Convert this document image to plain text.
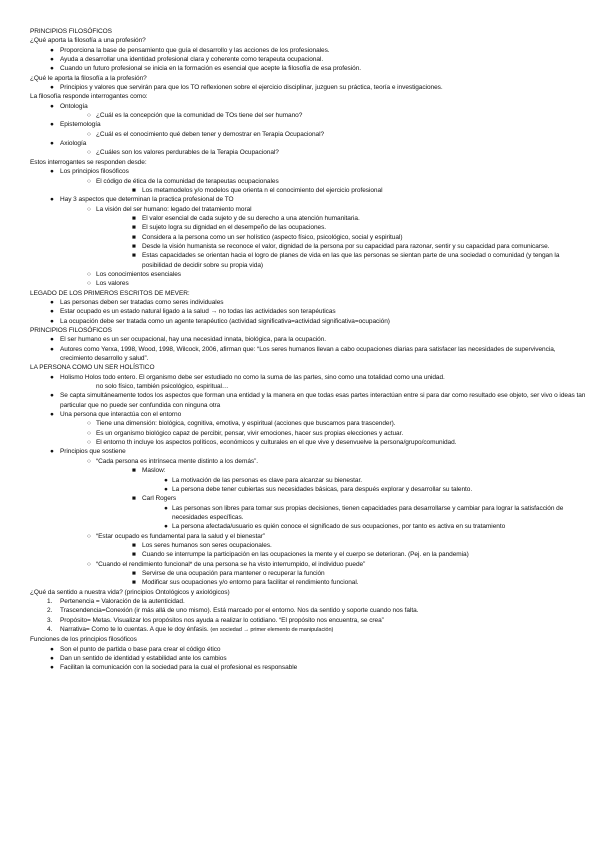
PRINCIPIOS FILOSÓFICOS
¿Qué aporta la filosofía a una profesión?
● Proporciona la base de pensamiento que guía el desarrollo y las acciones de los profesionales.
● Ayuda a desarrollar una identidad profesional clara y coherente como terapeuta ocupacional.
● Cuando un futuro profesional se inicia en la formación es esencial que acepte la filosofía de esa profesión.
¿Qué le aporta la filosofía a la profesión?
● Principios y valores que servirán para que los TO reflexionen sobre el ejercicio disciplinar, juzguen su práctica, teoría e investigaciones.
La filosofía responde interrogantes como:
● Ontología
○ ¿Cuál es la concepción que la comunidad de TOs tiene del ser humano?
● Epistemología
○ ¿Cuál es el conocimiento qué deben tener y demostrar en Terapia Ocupacional?
● Axiología
○ ¿Cuáles son los valores perdurables de la Terapia Ocupacional?
Estos interrogantes se responden desde:
● Los principios filosóficos
○ El código de ética de la comunidad de terapeutas ocupacionales
■ Los metamodelos y/o modelos que orienta n el conocimiento del ejercicio profesional
● Hay 3 aspectos que determinan la practica profesional de TO
○ La visión del ser humano: legado del tratamiento moral
■ El valor esencial de cada sujeto y de su derecho a una atención humanitaria.
■ El sujeto logra su dignidad en el desempeño de las ocupaciones.
■ Considera a la persona como un ser holístico (aspecto físico, psicológico, social y espiritual)
■ Desde la visión humanista se reconoce el valor, dignidad de la persona por su capacidad para razonar, sentir y su capacidad para comunicarse.
■ Estas capacidades se orientan hacia el logro de planes de vida en las que las personas se sientan parte de una sociedad o comunidad (y tengan la posibilidad de decidir sobre su propia vida)
○ Los conocimientos esenciales
○ Los valores
LEGADO DE LOS PRIMEROS ESCRITOS DE MEVER:
● Las personas deben ser tratadas como seres individuales
● Estar ocupado es un estado natural ligado a la salud → no todas las actividades son terapéuticas
● La ocupación debe ser tratada como un agente terapéutico (actividad significativa=actividad significativa=ocupación)
PRINCIPIOS FILOSÓFICOS
● El ser humano es un ser ocupacional, hay una necesidad innata, biológica, para la ocupación.
● Autores como Yerxa, 1998, Wood, 1998, Wilcock, 2006, afirman que: “Los seres humanos llevan a cabo ocupaciones diarias para satisfacer las necesidades de supervivencia, crecimiento desarrollo y salud”.
LA PERSONA COMO UN SER HOLÍSTICO
● Holismo Holos todo entero. El organismo debe ser estudiado no como la suma de las partes, sino como una totalidad como una unidad.
no solo físico, también psicológico, espiritual…
● Se capta simultáneamente todos los aspectos que forman una entidad y la manera en que todas esas partes interactúan entre si para dar como resultado ese objeto, ser vivo o ideas tan particular que no puede ser confundida con ninguna otra
● Una persona que interactúa con el entorno
○ Tiene una dimensión: biológica, cognitiva, emotiva, y espiritual (acciones que buscamos para trascender).
○ Es un organismo biológico capaz de percibir, pensar, vivir emociones, hacer sus propias elecciones y actuar.
○ El entorno th incluye los aspectos políticos, económicos y culturales en el que vive y desenvuelve la persona/grupo/comunidad.
● Principios que sostiene
○ “Cada persona es intrínseca mente distinto a los demás”.
■ Maslow:
● La motivación de las personas es clave para alcanzar su bienestar.
● La persona debe tener cubiertas sus necesidades básicas, para después explorar y desarrollar su talento.
■ Carl Rogers
● Las personas son libres para tomar sus propias decisiones, tienen capacidades para desarrollarse y cambiar para lograr la satisfacción de necesidades específicas.
● La persona afectada/usuario es quién conoce el significado de sus ocupaciones, por tanto es activa en su tratamiento
○ “Estar ocupado es fundamental para la salud y el bienestar”
■ Los seres humanos son seres ocupacionales.
■ Cuando se interrumpe la participación en las ocupaciones la mente y el cuerpo se deterioran. (Pej. en la pandemia)
○ “Cuando el rendimiento funcional* de una persona se ha visto interrumpido, el individuo puede”
■ Servirse de una ocupación para mantener o recuperar la función
■ Modificar sus ocupaciones y/o entorno para facilitar el rendimiento funcional.
¿Qué da sentido a nuestra vida? (principios Ontológicos y axiológicos)
1. Pertenencia = Valoración de la autenticidad.
2. Trascendencia=Conexión (ir más allá de uno mismo). Está marcado por el entorno. Nos da sentido y soporte cuando nos falta.
3. Propósito= Metas. Visualizar los propósitos nos ayuda a realizar lo cotidiano. “El propósito nos encuentra, se crea”
4. Narrativa= Como te lo cuentas. A que le doy énfasis. (en sociedad → primer elemento de manipulación)
Funciones de los principios filosóficos
● Son el punto de partida o base para crear el código ético
● Dan un sentido de identidad y estabilidad ante los cambios
● Facilitan la comunicación con la sociedad para la cual el profesional es responsable
